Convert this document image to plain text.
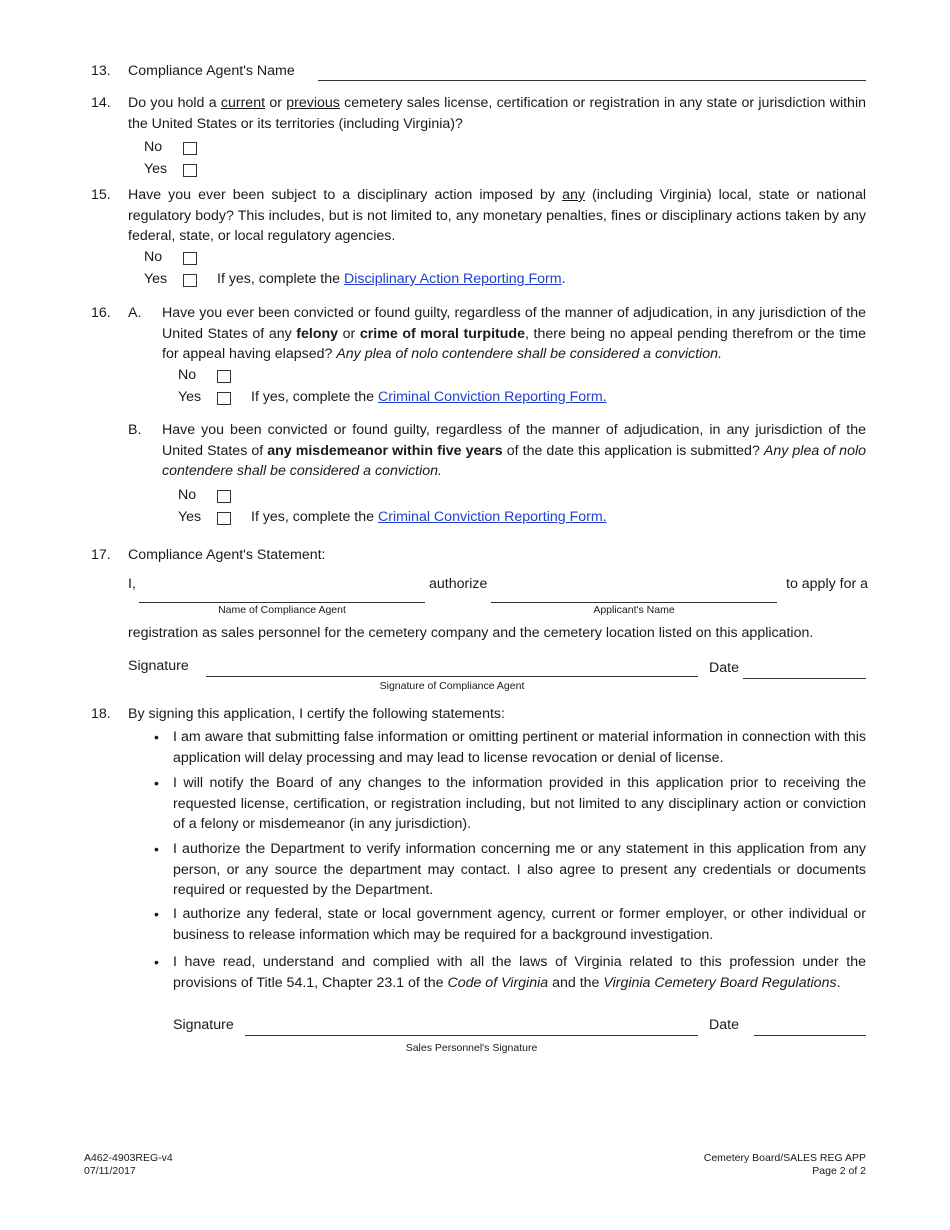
13. Compliance Agent's Name
14. Do you hold a current or previous cemetery sales license, certification or registration in any state or jurisdiction within the United States or its territories (including Virginia)?
No
Yes
15. Have you ever been subject to a disciplinary action imposed by any (including Virginia) local, state or national regulatory body? This includes, but is not limited to, any monetary penalties, fines or disciplinary actions taken by any federal, state, or local regulatory agencies.
No
Yes	If yes, complete the Disciplinary Action Reporting Form.
16. A. Have you ever been convicted or found guilty, regardless of the manner of adjudication, in any jurisdiction of the United States of any felony or crime of moral turpitude, there being no appeal pending therefrom or the time for appeal having elapsed? Any plea of nolo contendere shall be considered a conviction.
No
Yes	If yes, complete the Criminal Conviction Reporting Form.
B. Have you been convicted or found guilty, regardless of the manner of adjudication, in any jurisdiction of the United States of any misdemeanor within five years of the date this application is submitted? Any plea of nolo contendere shall be considered a conviction.
No
Yes	If yes, complete the Criminal Conviction Reporting Form.
17. Compliance Agent's Statement:
I,	authorize	to apply for a
Name of Compliance Agent	Applicant's Name
registration as sales personnel for the cemetery company and the cemetery location listed on this application.
Signature
Signature of Compliance Agent
Date
18. By signing this application, I certify the following statements:
• I am aware that submitting false information or omitting pertinent or material information in connection with this application will delay processing and may lead to license revocation or denial of license.
• I will notify the Board of any changes to the information provided in this application prior to receiving the requested license, certification, or registration including, but not limited to any disciplinary action or conviction of a felony or misdemeanor (in any jurisdiction).
• I authorize the Department to verify information concerning me or any statement in this application from any person, or any source the department may contact. I also agree to present any credentials or documents required or requested by the Department.
• I authorize any federal, state or local government agency, current or former employer, or other individual or business to release information which may be required for a background investigation.
• I have read, understand and complied with all the laws of Virginia related to this profession under the provisions of Title 54.1, Chapter 23.1 of the Code of Virginia and the Virginia Cemetery Board Regulations.
Signature
Sales Personnel's Signature
Date
A462-4903REG-v4
07/11/2017
Cemetery Board/SALES REG APP
Page 2 of 2
